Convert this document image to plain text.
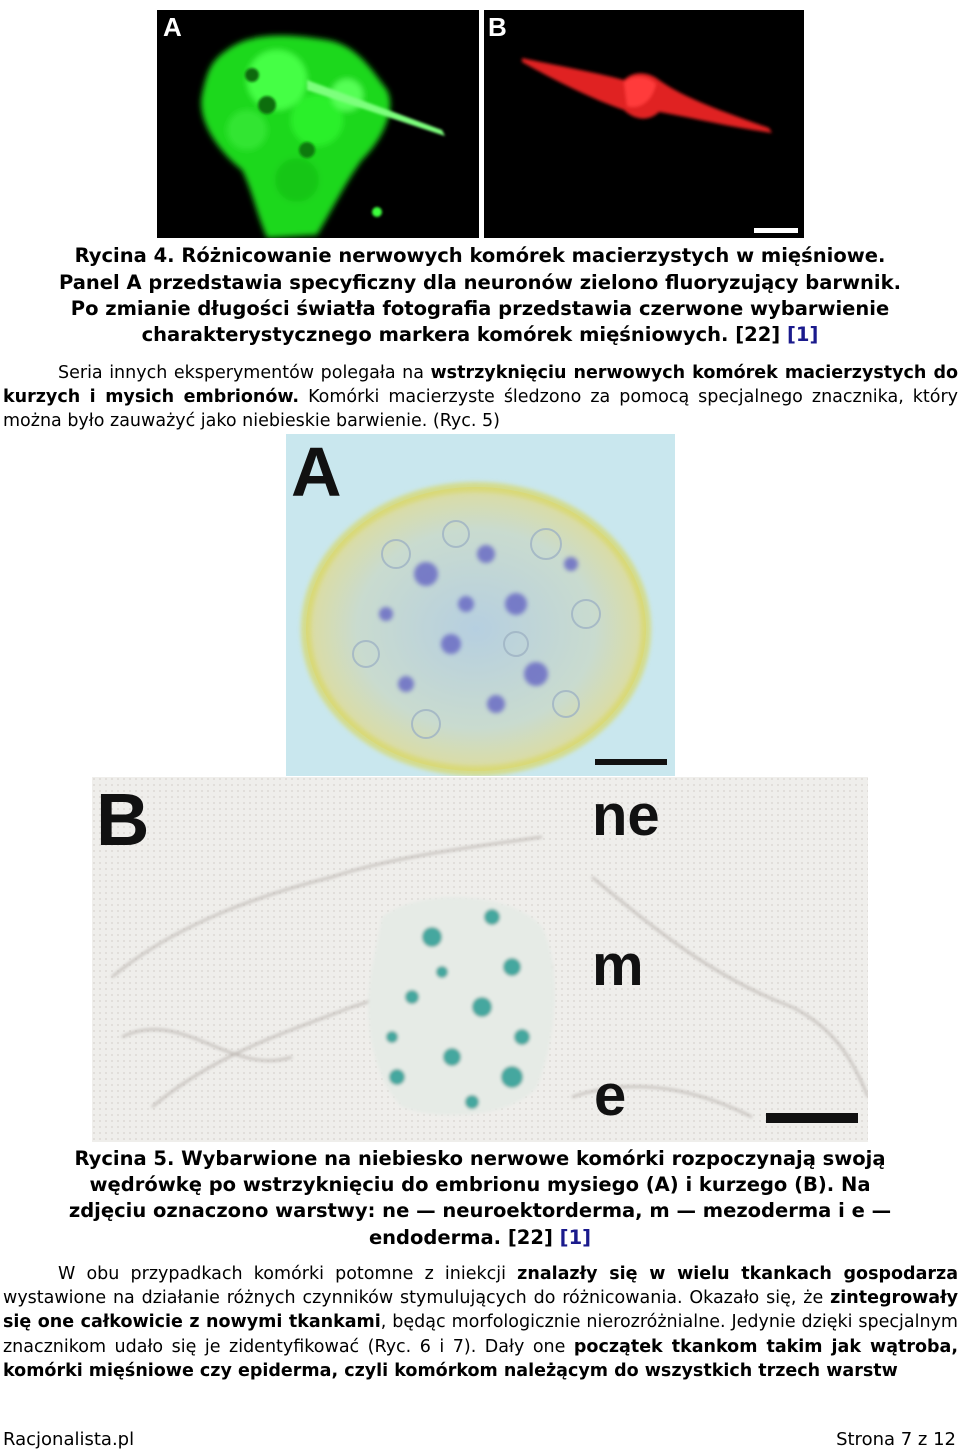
A	B
Rycina 4. Różnicowanie nerwowych komórek macierzystych w mięśniowe.
Panel A przedstawia specyficzny dla neuronów zielono fluoryzujący barwnik.
Po zmianie długości światła fotografia przedstawia czerwone wybarwienie
charakterystycznego markera komórek mięśniowych. [22] [1]
Seria innych eksperymentów polegała na wstrzyknięciu nerwowych komórek macierzystych do kurzych i mysich embrionów. Komórki macierzyste śledzono za pomocą specjalnego znacznika, który można było zauważyć jako niebieskie barwienie. (Ryc. 5)
A
B	ne
m
e
Rycina 5. Wybarwione na niebiesko nerwowe komórki rozpoczynają swoją
wędrówkę po wstrzyknięciu do embrionu mysiego (A) i kurzego (B). Na
zdjęciu oznaczono warstwy: ne — neuroektorderma, m — mezoderma i e —
endoderma. [22] [1]
W obu przypadkach komórki potomne z iniekcji znalazły się w wielu tkankach gospodarza wystawione na działanie różnych czynników stymulujących do różnicowania. Okazało się, że zintegrowały się one całkowicie z nowymi tkankami, będąc morfologicznie nierozróżnialne. Jedynie dzięki specjalnym znacznikom udało się je zidentyfikować (Ryc. 6 i 7). Dały one początek tkankom takim jak wątroba, komórki mięśniowe czy epiderma, czyli komórkom należącym do wszystkich trzech warstw
Racjonalista.pl	Strona 7 z 12
